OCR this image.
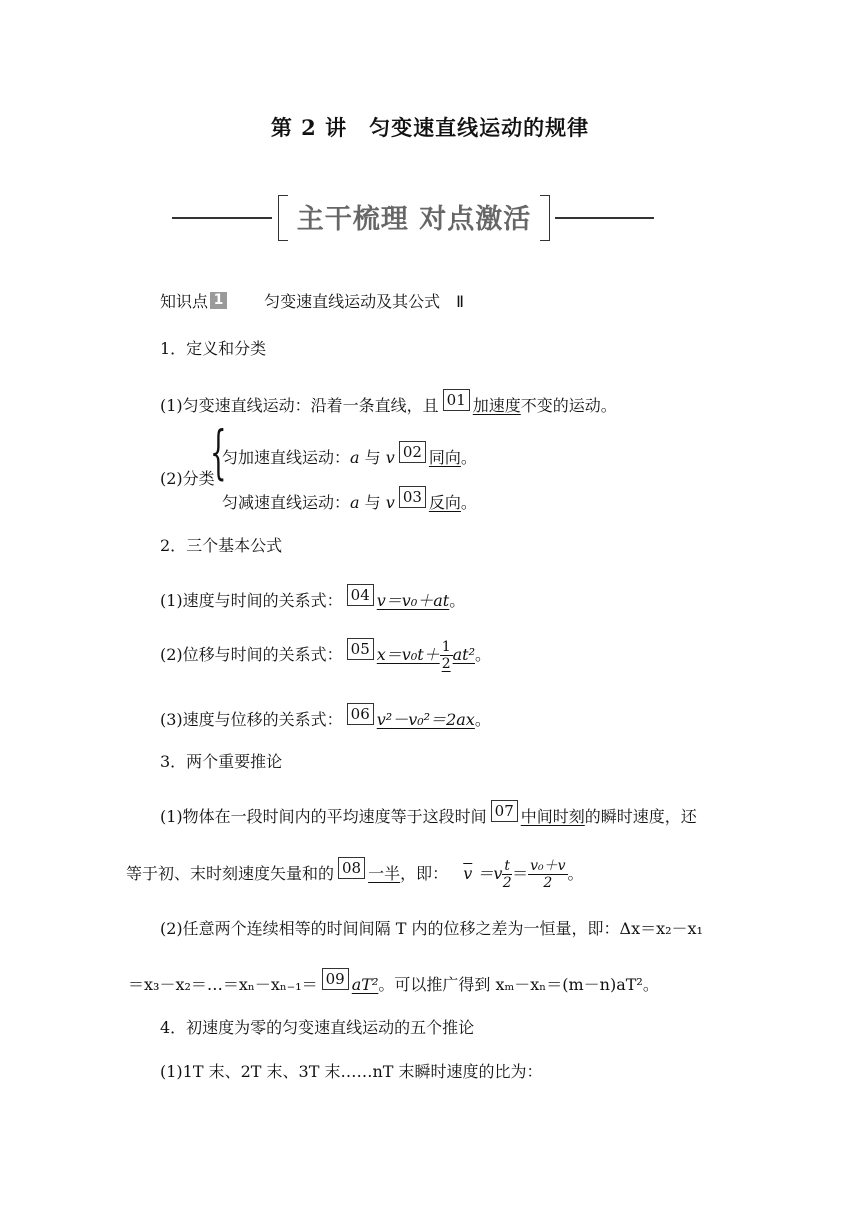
第 2 讲　匀变速直线运动的规律
主干梳理 对点激活
知识点 1	匀变速直线运动及其公式　Ⅱ
1．定义和分类
(1)匀变速直线运动：沿着一条直线，且 01 加速度不变的运动。
(2)分类
{
匀加速直线运动：a 与 v 02 同向。
匀减速直线运动：a 与 v 03 反向。
2．三个基本公式
(1)速度与时间的关系式： 04 v＝v₀＋at。
(2)位移与时间的关系式： 05 $x=v_0t+ \frac{1}{2} at^2$。
(3)速度与位移的关系式： 06 v²－v₀²＝2ax。
3．两个重要推论
(1)物体在一段时间内的平均速度等于这段时间 07 中间时刻的瞬时速度，还
等于初、末时刻速度矢量和的 08 一半，即： $\overline{v} =v \frac{t}{2} = \frac{\text{v₀＋v}}{2}$ 。
(2)任意两个连续相等的时间间隔 T 内的位移之差为一恒量，即：Δx＝x₂－x₁
＝x₃－x₂＝…＝xₙ－xₙ₋₁＝ 09 aT²。可以推广得到 xₘ－xₙ＝(m－n)aT²。
4．初速度为零的匀变速直线运动的五个推论
(1)1T 末、2T 末、3T 末……nT 末瞬时速度的比为：
